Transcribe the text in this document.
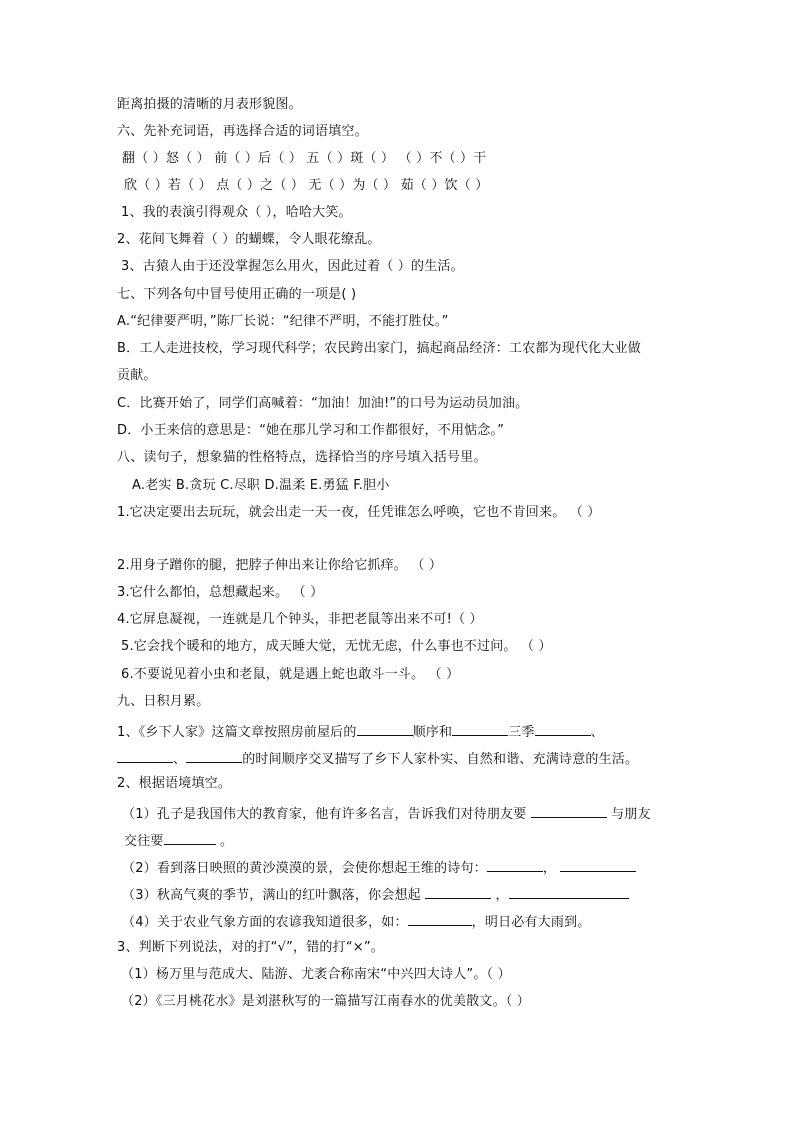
距离拍摄的清晰的月表形貌图。
六、先补充词语，再选择合适的词语填空。
翻（ ）怒（ ） 前（ ）后（ ） 五（ ）斑（ ） （ ）不（ ）干
欣（ ）若（ ） 点（ ）之（ ） 无（ ）为（ ） 茹（ ）饮（ ）
1、我的表演引得观众（ ），哈哈大笑。
2、花间飞舞着（ ）的蝴蝶，令人眼花缭乱。
3、古猿人由于还没掌握怎么用火，因此过着（ ）的生活。
七、下列各句中冒号使用正确的一项是( )
A.“纪律要严明，”陈厂长说：“纪律不严明，不能打胜仗。”
B．工人走进技校，学习现代科学；农民跨出家门，搞起商品经济：工农都为现代化大业做
贡献。
C．比赛开始了，同学们高喊着：“加油！加油!”的口号为运动员加油。
D．小王来信的意思是：“她在那儿学习和工作都很好，不用惦念。”
八、读句子，想象猫的性格特点，选择恰当的序号填入括号里。
A.老实 B.贪玩 C.尽职 D.温柔 E.勇猛 F.胆小
1.它决定要出去玩玩，就会出走一天一夜，任凭谁怎么呼唤，它也不肯回来。 （ ）
2.用身子蹭你的腿，把脖子伸出来让你给它抓痒。 （ ）
3.它什么都怕，总想藏起来。 （ ）
4.它屏息凝视，一连就是几个钟头，非把老鼠等出来不可!（ ）
5.它会找个暖和的地方，成天睡大觉，无忧无虑，什么事也不过问。 （ ）
6.不要说见着小虫和老鼠，就是遇上蛇也敢斗一斗。 （ ）
九、日积月累。
1、《乡下人家》这篇文章按照房前屋后的	顺序和	三季	、
、	的时间顺序交叉描写了乡下人家朴实、自然和谐、充满诗意的生活。
2、根据语境填空。
（1）孔子是我国伟大的教育家，他有许多名言，告诉我们对待朋友要	与朋友
交往要	。
（2）看到落日映照的黄沙漠漠的景，会使你想起王维的诗句：	，
（3）秋高气爽的季节，满山的红叶飘落，你会想起	，
（4）关于农业气象方面的农谚我知道很多，如：	，明日必有大雨到。
3、判断下列说法，对的打“√”，错的打“×”。
（1）杨万里与范成大、陆游、尤袤合称南宋“中兴四大诗人”。（ ）
（2）《三月桃花水》是刘湛秋写的一篇描写江南春水的优美散文。（ ）
